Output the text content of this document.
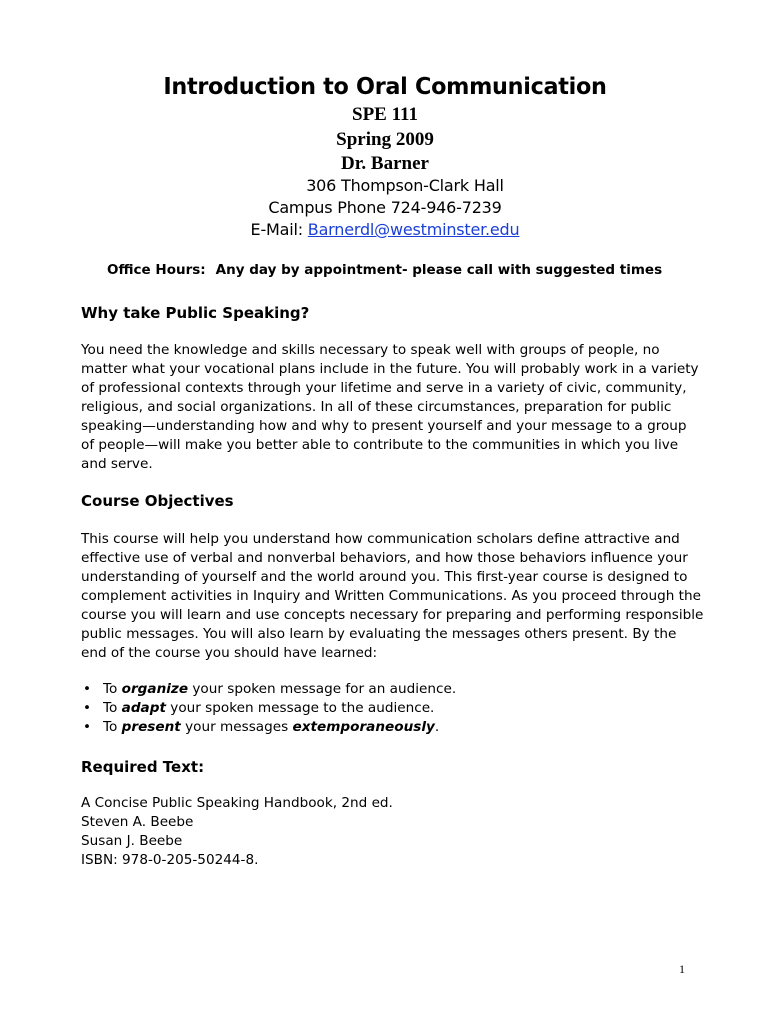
Introduction to Oral Communication
SPE 111
Spring 2009
Dr. Barner
306 Thompson-Clark Hall
Campus Phone 724-946-7239
E-Mail: Barnerdl@westminster.edu
Office Hours: Any day by appointment- please call with suggested times
Why take Public Speaking?
You need the knowledge and skills necessary to speak well with groups of people, no
matter what your vocational plans include in the future. You will probably work in a variety
of professional contexts through your lifetime and serve in a variety of civic, community,
religious, and social organizations. In all of these circumstances, preparation for public
speaking—understanding how and why to present yourself and your message to a group
of people—will make you better able to contribute to the communities in which you live
and serve.
Course Objectives
This course will help you understand how communication scholars define attractive and
effective use of verbal and nonverbal behaviors, and how those behaviors influence your
understanding of yourself and the world around you. This first-year course is designed to
complement activities in Inquiry and Written Communications. As you proceed through the
course you will learn and use concepts necessary for preparing and performing responsible
public messages. You will also learn by evaluating the messages others present. By the
end of the course you should have learned:
• To organize your spoken message for an audience.
• To adapt your spoken message to the audience.
• To present your messages extemporaneously.
Required Text:
A Concise Public Speaking Handbook, 2nd ed.
Steven A. Beebe
Susan J. Beebe
ISBN: 978-0-205-50244-8.
1
